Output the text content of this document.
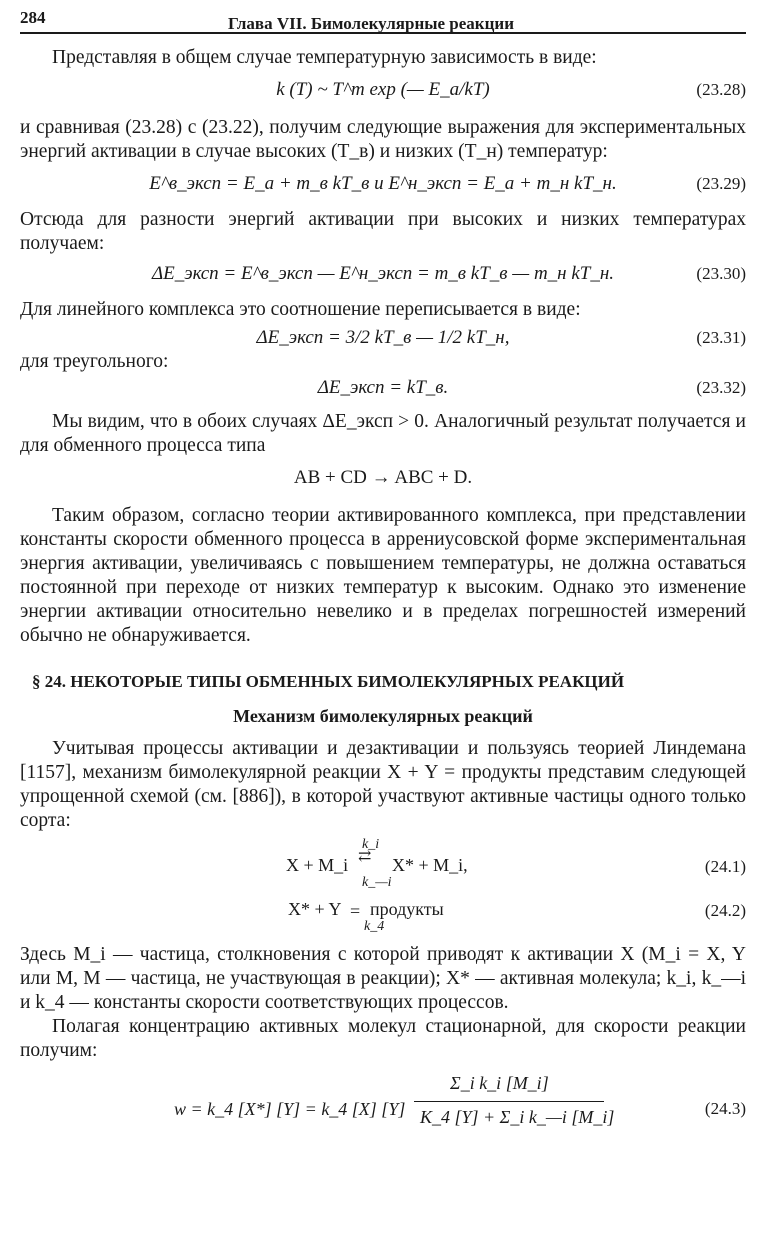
284	Глава VII. Бимолекулярные реакции

Представляя в общем случае температурную зависимость в виде:

k (T) ~ T^m exp (— E_a/kT)	(23.28)

и сравнивая (23.28) с (23.22), получим следующие выражения для экспериментальных энергий активации в случае высоких (T_в) и низких (T_н) температур:

E^в_эксп = E_a + m_в kT_в и E^н_эксп = E_a + m_н kT_н.	(23.29)

Отсюда для разности энергий активации при высоких и низких температурах получаем:

ΔE_эксп = E^в_эксп — E^н_эксп = m_в kT_в — m_н kT_н.	(23.30)

Для линейного комплекса это соотношение переписывается в виде:

ΔE_эксп = 3/2 kT_в — 1/2 kT_н,	(23.31)

для треугольного:

ΔE_эксп = kT_в.	(23.32)

Мы видим, что в обоих случаях ΔE_эксп > 0. Аналогичный результат получается и для обменного процесса типа

AB + CD → ABC + D.

Таким образом, согласно теории активированного комплекса, при представлении константы скорости обменного процесса в аррениусовской форме экспериментальная энергия активации, увеличиваясь с повышением температуры, не должна оставаться постоянной при переходе от низких температур к высоким. Однако это изменение энергии активации относительно невелико и в пределах погрешностей измерений обычно не обнаруживается.

§ 24. НЕКОТОРЫЕ ТИПЫ ОБМЕННЫХ БИМОЛЕКУЛЯРНЫХ РЕАКЦИЙ

Механизм бимолекулярных реакций

Учитывая процессы активации и дезактивации и пользуясь теорией Линдемана [1157], механизм бимолекулярной реакции X + Y = продукты представим следующей упрощенной схемой (см. [886]), в которой участвуют активные частицы одного только сорта:

k_i
X + M_i ⇄ X* + M_i,
k_—i
(24.1)
X* + Y = продукты
k_4
(24.2)

Здесь M_i — частица, столкновения с которой приводят к активации X (M_i = X, Y или M, M — частица, не участвующая в реакции); X* — активная молекула; k_i, k_—i и k_4 — константы скорости соответствующих процессов.

Полагая концентрацию активных молекул стационарной, для скорости реакции получим:

w = k_4 [X*] [Y] = k_4 [X] [Y]
Σ_i k_i [M_i]
K_4 [Y] + Σ_i k_—i [M_i]	(24.3)
